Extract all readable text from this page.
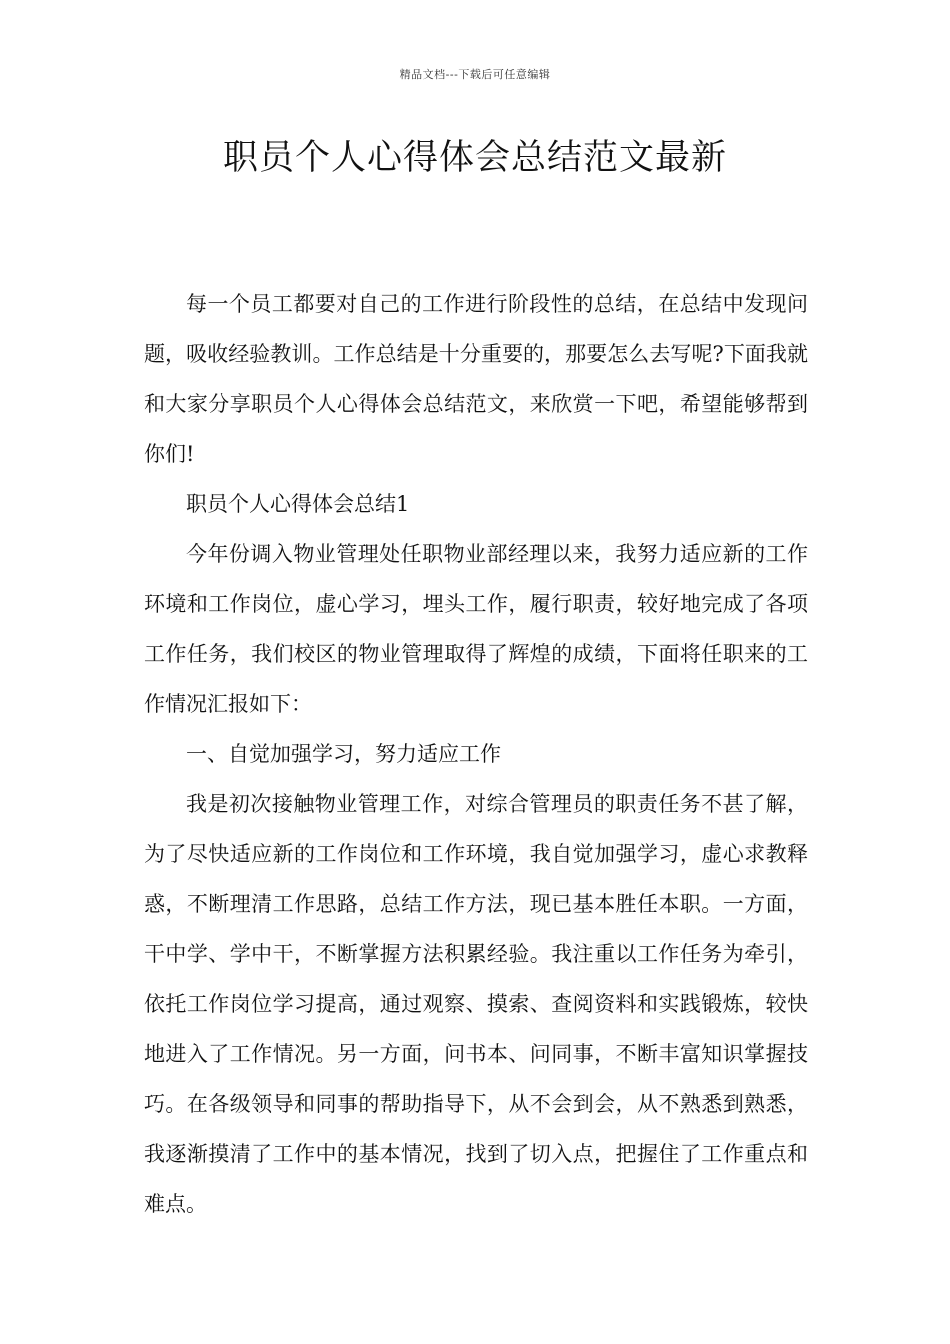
精品文档---下载后可任意编辑
职员个人心得体会总结范文最新

每一个员工都要对自己的工作进行阶段性的总结，在总结中发现问题，吸收经验教训。工作总结是十分重要的，那要怎么去写呢?下面我就和大家分享职员个人心得体会总结范文，来欣赏一下吧，希望能够帮到你们!

职员个人心得体会总结1

今年份调入物业管理处任职物业部经理以来，我努力适应新的工作环境和工作岗位，虚心学习，埋头工作，履行职责，较好地完成了各项工作任务，我们校区的物业管理取得了辉煌的成绩，下面将任职来的工作情况汇报如下：

一、自觉加强学习，努力适应工作

我是初次接触物业管理工作，对综合管理员的职责任务不甚了解，为了尽快适应新的工作岗位和工作环境，我自觉加强学习，虚心求教释惑，不断理清工作思路，总结工作方法，现已基本胜任本职。一方面，干中学、学中干，不断掌握方法积累经验。我注重以工作任务为牵引，依托工作岗位学习提高，通过观察、摸索、查阅资料和实践锻炼，较快地进入了工作情况。另一方面，问书本、问同事，不断丰富知识掌握技巧。在各级领导和同事的帮助指导下，从不会到会，从不熟悉到熟悉，我逐渐摸清了工作中的基本情况，找到了切入点，把握住了工作重点和难点。
